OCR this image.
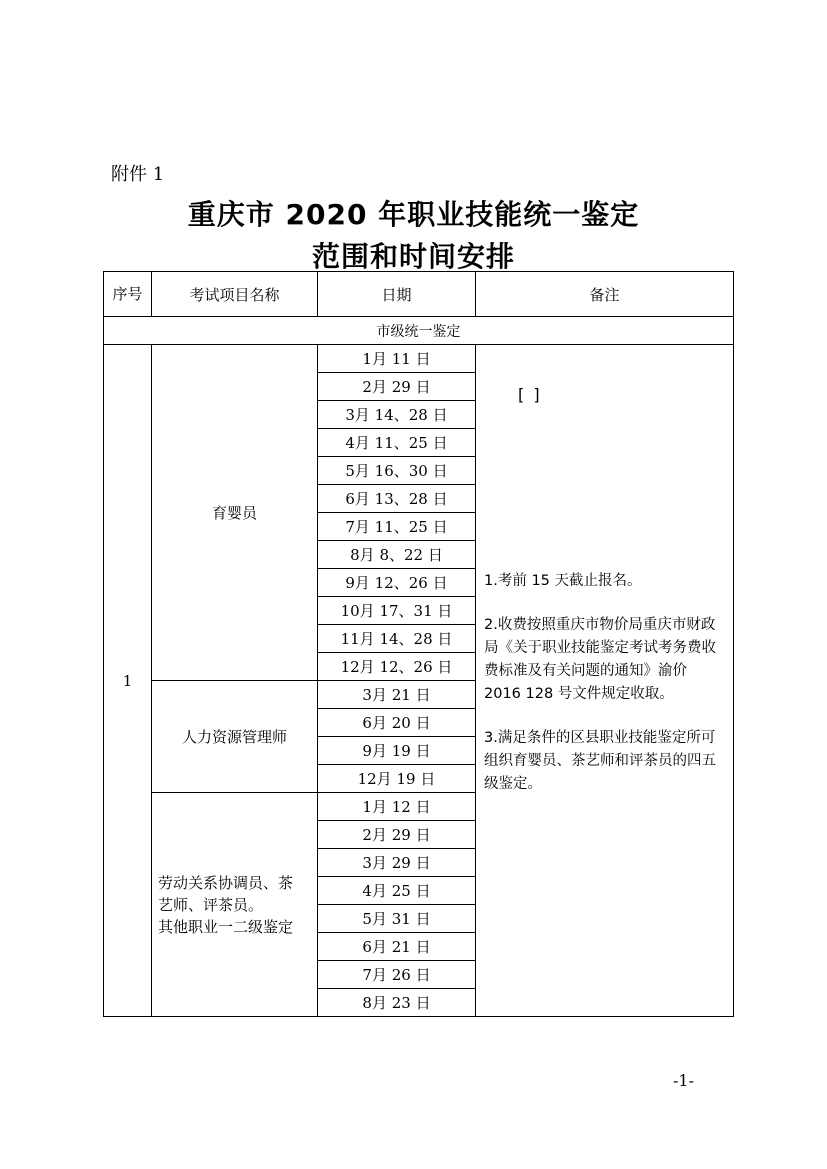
附件 1
重庆市 2020 年职业技能统一鉴定
范围和时间安排
序号	考试项目名称	日期	备注
市级统一鉴定			
1	育婴员	1月 11 日	[ ]

1.考前 15 天截止报名。

2.收费按照重庆市物价局重庆市财政局《关于职业技能鉴定考试考务费收费标准及有关问题的通知》渝价 2016 128 号文件规定收取。

3.满足条件的区县职业技能鉴定所可组织育婴员、茶艺师和评茶员的四五级鉴定。

		2月 29 日	
		3月 14、28 日	
		4月 11、25 日	
		5月 16、30 日	
		6月 13、28 日	
		7月 11、25 日	
		8月 8、22 日	
		9月 12、26 日	
		10月 17、31 日	
		11月 14、28 日	
		12月 12、26 日	
	人力资源管理师	3月 21 日	
		6月 20 日	
		9月 19 日	
		12月 19 日	

	劳动关系协调员、茶
艺师、评茶员。
其他职业一二级鉴定	1月 12 日	
		2月 29 日	
		3月 29 日	
		4月 25 日	
		5月 31 日	
		6月 21 日	
		7月 26 日	
		8月 23 日	
-1-
